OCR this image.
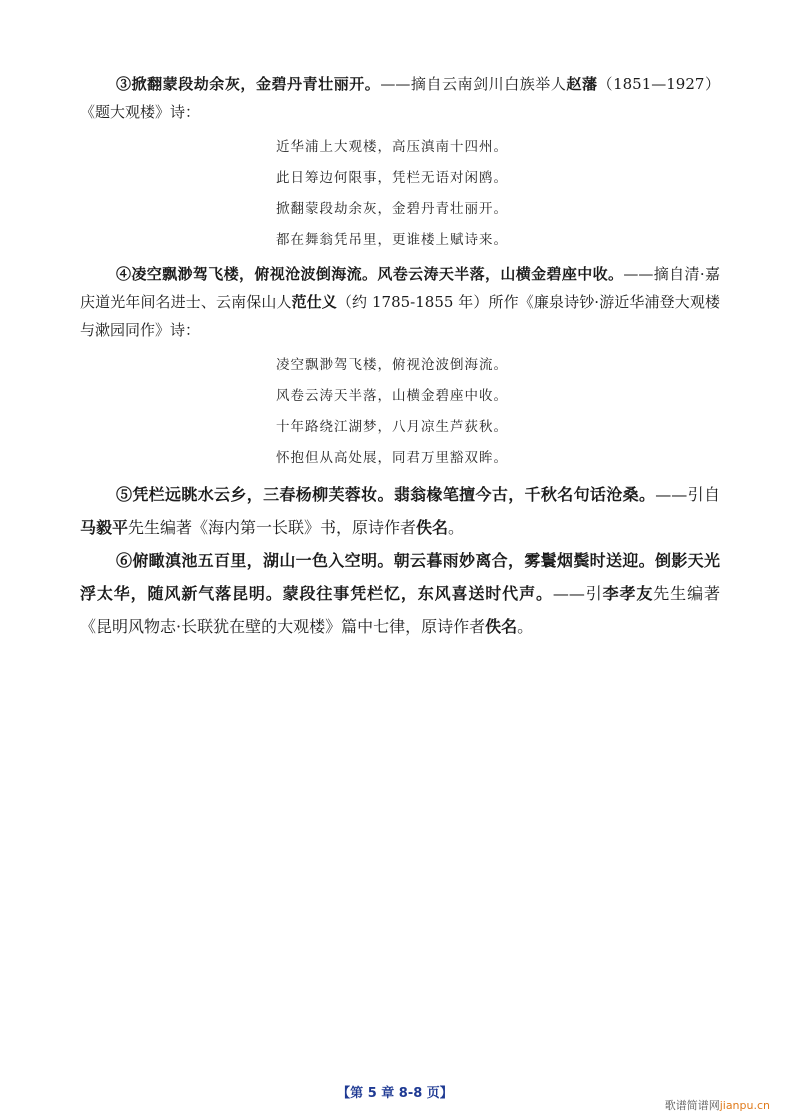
③掀翻蒙段劫余灰，金碧丹青壮丽开。——摘自云南剑川白族举人赵藩（1851—1927）《题大观楼》诗：

近华浦上大观楼，高压滇南十四州。
此日筹边何限事，凭栏无语对闲鸥。
掀翻蒙段劫余灰，金碧丹青壮丽开。
都在舞翁凭吊里，更谁楼上赋诗来。

④凌空飘渺驾飞楼，俯视沧波倒海流。风卷云涛天半落，山横金碧座中收。——摘自清·嘉庆道光年间名进士、云南保山人范仕义（约 1785-1855 年）所作《廉泉诗钞·游近华浦登大观楼与漱园同作》诗：

凌空飘渺驾飞楼，俯视沧波倒海流。
风卷云涛天半落，山横金碧座中收。
十年路绕江湖梦，八月凉生芦荻秋。
怀抱但从高处展，同君万里豁双眸。

⑤凭栏远眺水云乡，三春杨柳芙蓉妆。翡翁椽笔擅今古，千秋名句话沧桑。——引自马毅平先生编著《海内第一长联》书，原诗作者佚名。

⑥俯瞰滇池五百里，湖山一色入空明。朝云暮雨妙离合，雾鬟烟鬓时送迎。倒影天光浮太华，随风新气落昆明。蒙段往事凭栏忆，东风喜送时代声。——引李孝友先生编著《昆明风物志·长联犹在壁的大观楼》篇中七律，原诗作者佚名。

【第 5 章 8-8 页】
歌谱简谱网jianpu.cn
